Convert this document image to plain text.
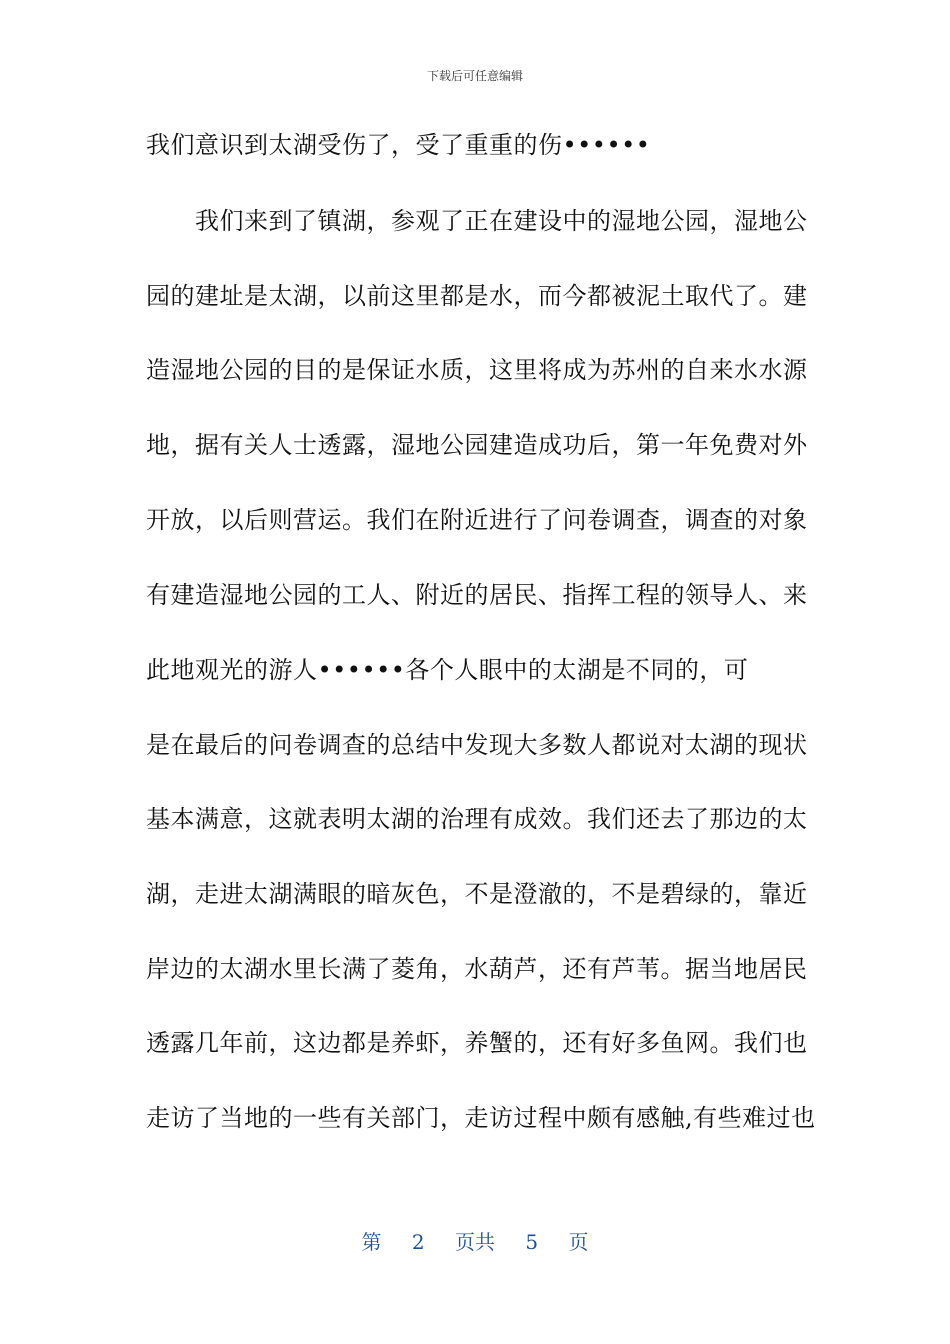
下载后可任意编辑
我们意识到太湖受伤了，受了重重的伤••••••
　　我们来到了镇湖，参观了正在建设中的湿地公园，湿地公
园的建址是太湖，以前这里都是水，而今都被泥土取代了。建
造湿地公园的目的是保证水质，这里将成为苏州的自来水水源
地，据有关人士透露，湿地公园建造成功后，第一年免费对外
开放，以后则营运。我们在附近进行了问卷调查，调查的对象
有建造湿地公园的工人、附近的居民、指挥工程的领导人、来
此地观光的游人••••••各个人眼中的太湖是不同的，可
是在最后的问卷调查的总结中发现大多数人都说对太湖的现状
基本满意，这就表明太湖的治理有成效。我们还去了那边的太
湖，走进太湖满眼的暗灰色，不是澄澈的，不是碧绿的，靠近
岸边的太湖水里长满了菱角，水葫芦，还有芦苇。据当地居民
透露几年前，这边都是养虾，养蟹的，还有好多鱼网。我们也
走访了当地的一些有关部门，走访过程中颇有感触,有些难过也
第 2 页共 5 页
